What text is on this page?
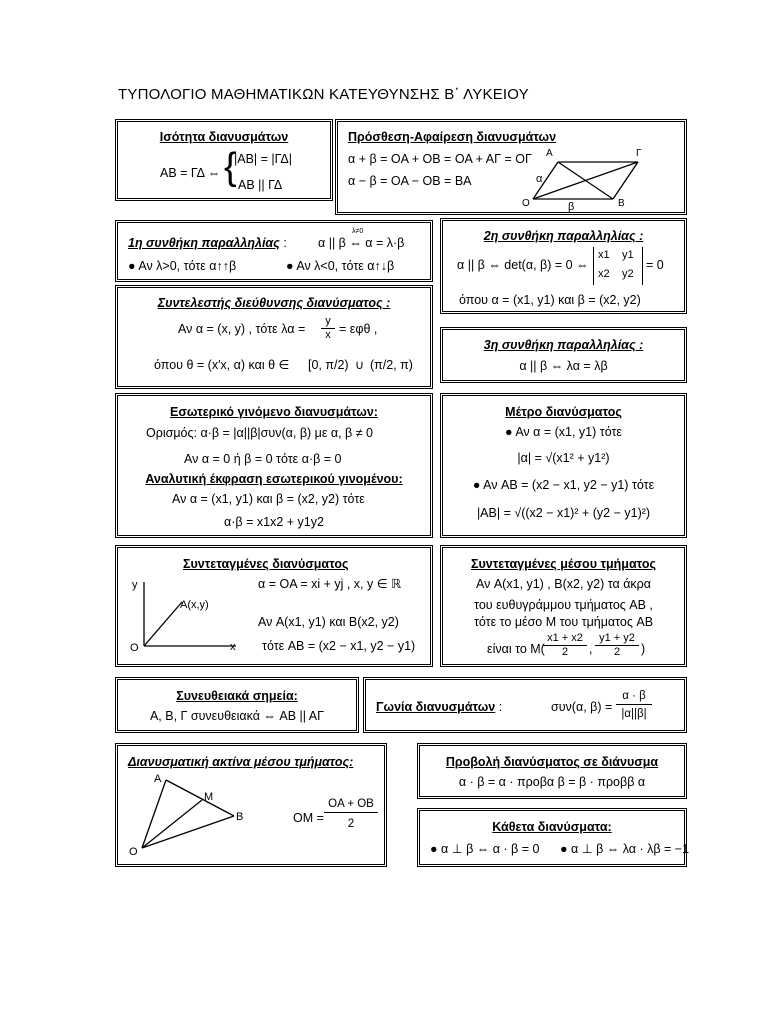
ΤΥΠΟΛΟΓΙΟ ΜΑΘΗΜΑΤΙΚΩΝ ΚΑΤΕΥΘΥΝΣΗΣ Β΄ ΛΥΚΕΙΟΥ
Ισότητα διανυσμάτων
AB = ΓΔ ⇔ {
|AB| = |ΓΔ|
AB || ΓΔ
Πρόσθεση-Αφαίρεση διανυσμάτων
α + β = OA + OB = OA + AΓ = OΓ
α − β = OA − OB = BA
A	Γ
O	B
α
β
1η συνθήκη παραλληλίας :
λ≠0
α || β ⇔ α = λ·β
● Αν λ>0, τότε α↑↑β	● Αν λ<0, τότε α↑↓β
2η συνθήκη παραλληλίας :
α || β ⇔ det(α, β) = 0 ⇔
x1 y1
x2 y2
= 0
όπου α = (x1, y1) και β = (x2, y2)
Συντελεστής διεύθυνσης διανύσματος :
Αν α = (x, y) , τότε $\lambda\alpha = \frac{y}{x} = \varepsilon\varphi\theta$ ,
όπου θ = (x′x, α) και θ ∈ [0, π/2) ∪ (π/2, π)
3η συνθήκη παραλληλίας :
α || β ⇔ λα = λβ
Εσωτερικό γινόμενο διανυσμάτων:
Ορισμός: α·β = |α||β|συν(α, β) με α, β ≠ 0
Αν α = 0 ή β = 0 τότε α·β = 0
Αναλυτική έκφραση εσωτερικού γινομένου:
Αν α = (x1, y1) και β = (x2, y2) τότε
α·β = x1x2 + y1y2
Μέτρο διανύσματος
● Αν α = (x1, y1) τότε
|α| = √(x1² + y1²)
● Αν AB = (x2 − x1, y2 − y1) τότε
|AB| = √((x2 − x1)² + (y2 − y1)²)
Συντεταγμένες διανύσματος
α = OA = xi + yj , x, y ∈ ℝ
Αν A(x1, y1) και B(x2, y2)
τότε AB = (x2 − x1, y2 − y1)
y
x
O
A(x,y)
Συντεταγμένες μέσου τμήματος
Αν A(x1, y1) , B(x2, y2) τα άκρα
του ευθυγράμμου τμήματος AB ,
τότε το μέσο M του τμήματος AB
είναι το M(
$\frac{x1 + x2}{2}$ , $\frac{y1 + y2}{2}$ )
Συνευθειακά σημεία:
A, B, Γ συνευθειακά ⇔ AB || AΓ
Γωνία διανυσμάτων :	συν(α, $\beta) = \frac{\alpha \cdot \beta}{|\alpha||\beta|}$
Διανυσματική ακτίνα μέσου τμήματος:
A
M
B
O
OM = $\frac{OA + OB}{2}$
Προβολή διανύσματος σε διάνυσμα
α · β = α · προβα β = β · προββ α
Κάθετα διανύσματα:
● α ⊥ β ⇔ α · β = 0 ● α ⊥ β ⇔ λα · λβ = −1
